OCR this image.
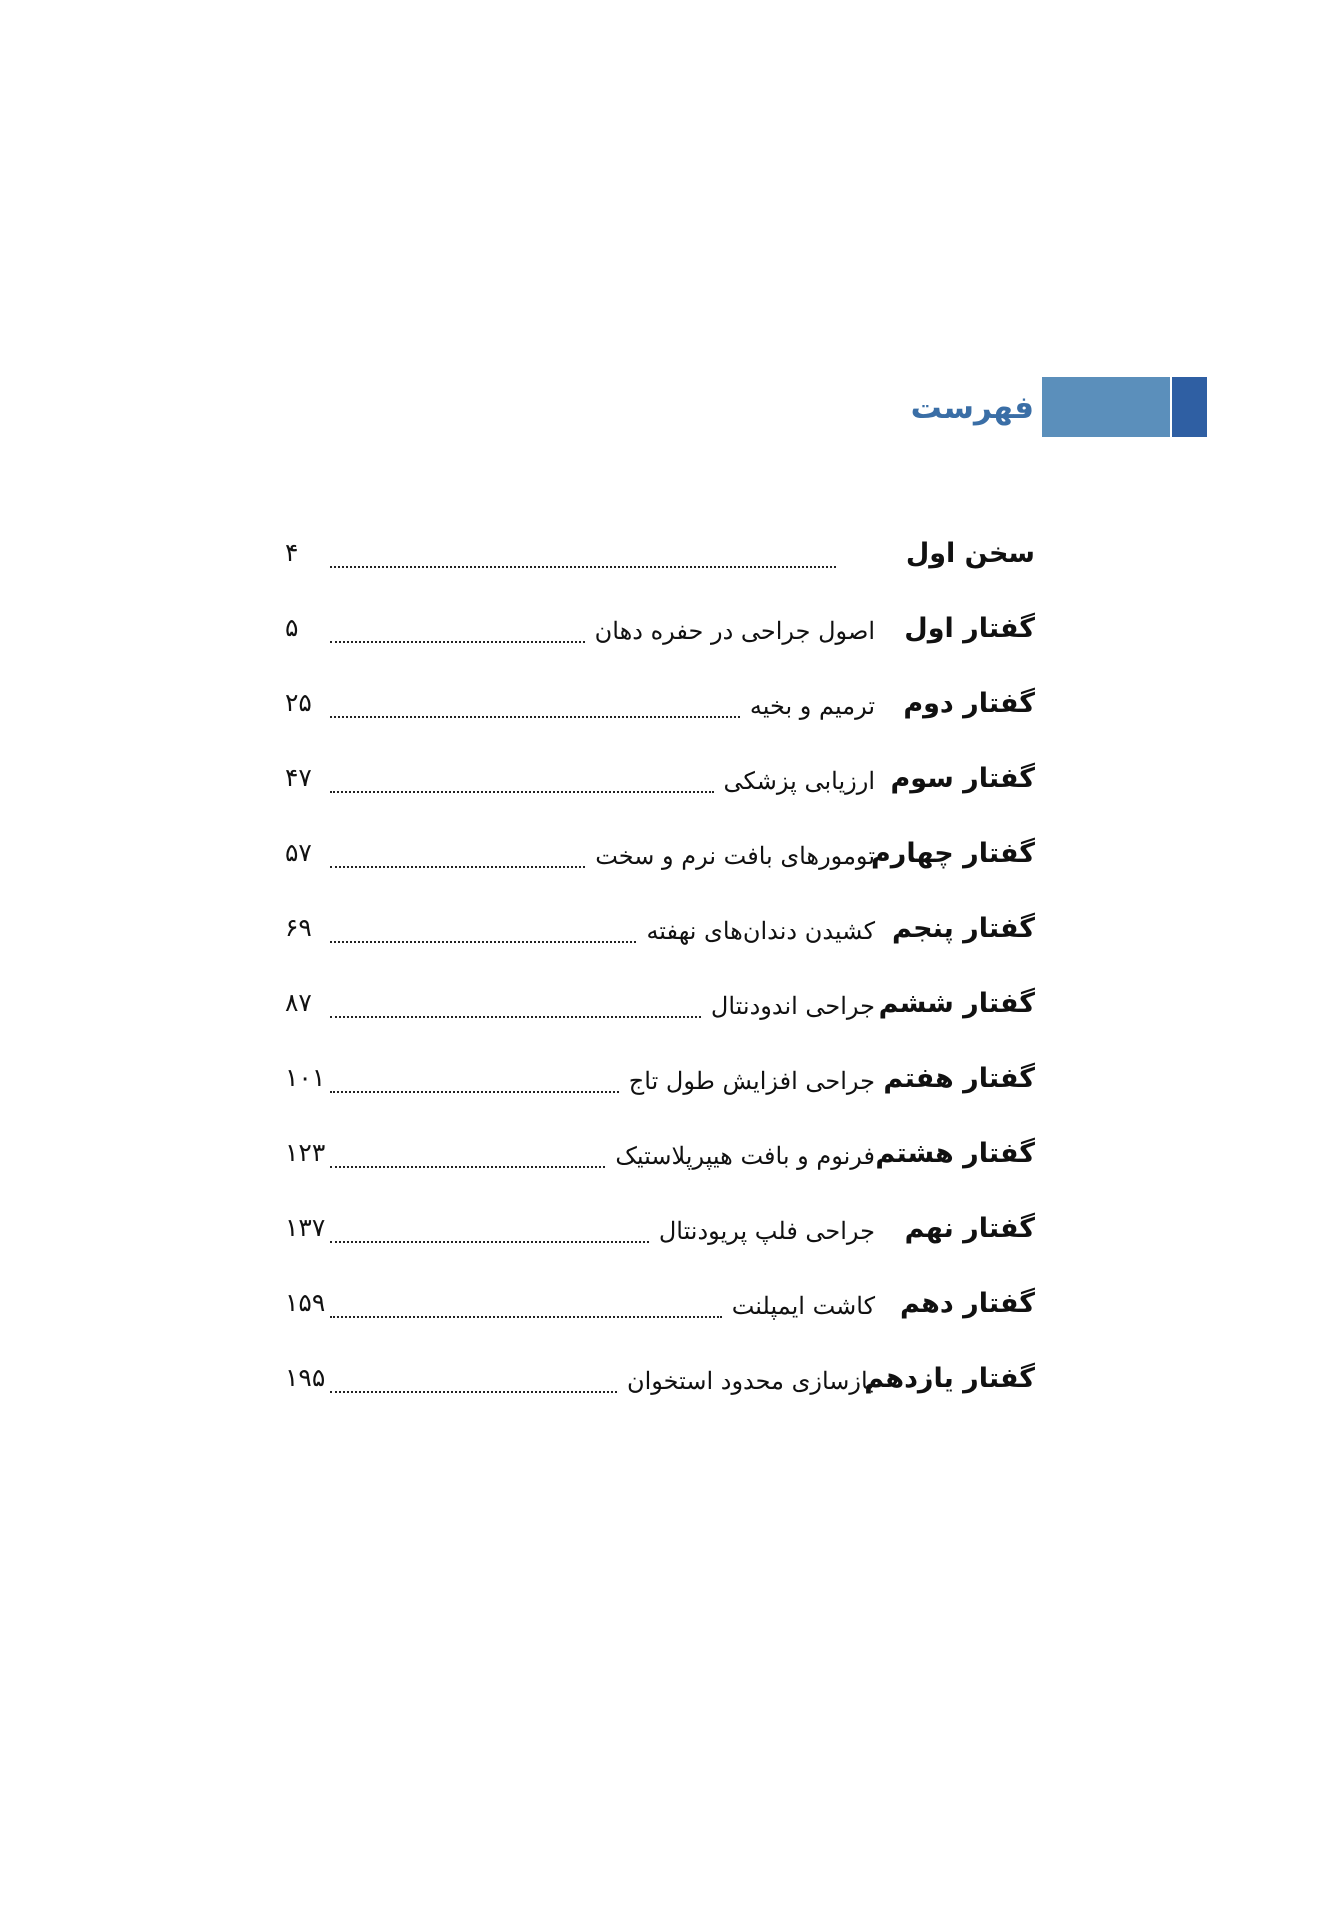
فهرست
سخن اول
۴
گفتار اول
اصول جراحی در حفره دهان
۵
گفتار دوم
ترمیم و بخیه
۲۵
گفتار سوم
ارزیابی پزشکی
۴۷
گفتار چهارم
تومورهای بافت نرم و سخت
۵۷
گفتار پنجم
کشیدن دندان‌های نهفته
۶۹
گفتار ششم
جراحی اندودنتال
۸۷
گفتار هفتم
جراحی افزایش طول تاج
۱۰۱
گفتار هشتم
فرنوم و بافت هیپرپلاستیک
۱۲۳
گفتار نهم
جراحی فلپ پریودنتال
۱۳۷
گفتار دهم
کاشت ایمپلنت
۱۵۹
گفتار یازدهم
بازسازی محدود استخوان
۱۹۵
